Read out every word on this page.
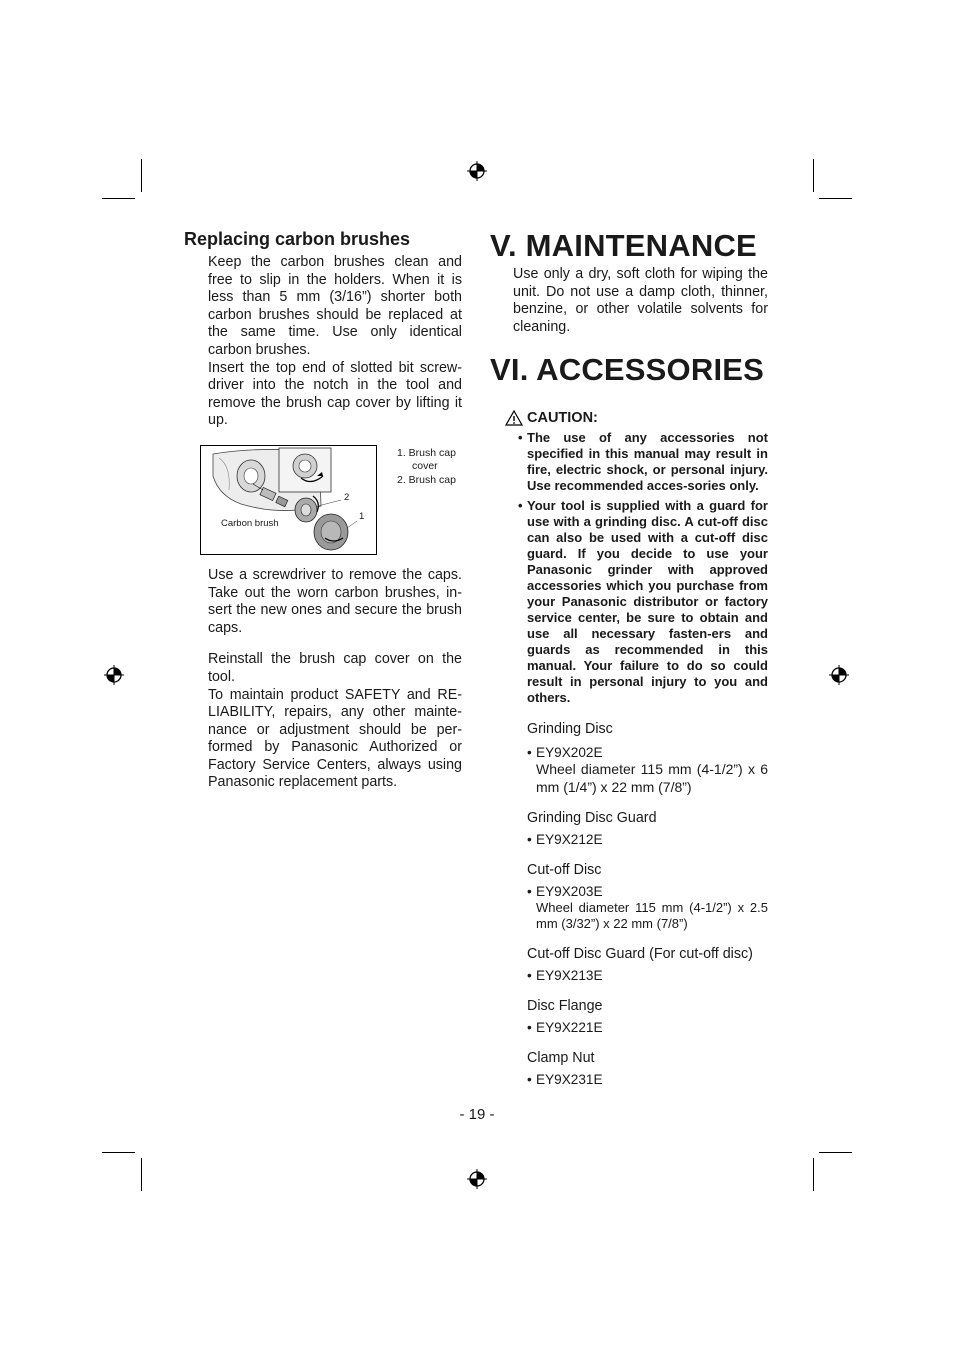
Replacing carbon brushes

Keep the carbon brushes clean and free to slip in the holders. When it is less than 5 mm (3/16”) shorter both carbon brushes should be replaced at the same time. Use only identical carbon brushes.

Insert the top end of slotted bit screw-driver into the notch in the tool and remove the brush cap cover by lifting it up.

Carbon brush
2
1
1. Brush cap
cover
2. Brush cap

Use a screwdriver to remove the caps. Take out the worn carbon brushes, in-sert the new ones and secure the brush caps.

Reinstall the brush cap cover on the tool.

To maintain product SAFETY and RE-LIABILITY, repairs, any other mainte-nance or adjustment should be per-formed by Panasonic Authorized or Factory Service Centers, always using Panasonic replacement parts.

V. MAINTENANCE

Use only a dry, soft cloth for wiping the unit. Do not use a damp cloth, thinner, benzine, or other volatile solvents for cleaning.

VI. ACCESSORIES
CAUTION:
• The use of any accessories not specified in this manual may result in fire, electric shock, or personal injury. Use recommended acces-sories only.
• Your tool is supplied with a guard for use with a grinding disc. A cut-off disc can also be used with a cut-off disc guard. If you decide to use your Panasonic grinder with approved accessories which you purchase from your Panasonic distributor or factory service center, be sure to obtain and use all necessary fasten-ers and guards as recommended in this manual. Your failure to do so could result in personal injury to you and others.
Grinding Disc
• EY9X202E
Wheel diameter 115 mm (4-1/2”) x 6 mm (1/4”) x 22 mm (7/8”)
Grinding Disc Guard
• EY9X212E
Cut-off Disc
• EY9X203E
Wheel diameter 115 mm (4-1/2”) x 2.5 mm (3/32”) x 22 mm (7/8”)
Cut-off Disc Guard (For cut-off disc)
• EY9X213E
Disc Flange
• EY9X221E
Clamp Nut
• EY9X231E
- 19 -
